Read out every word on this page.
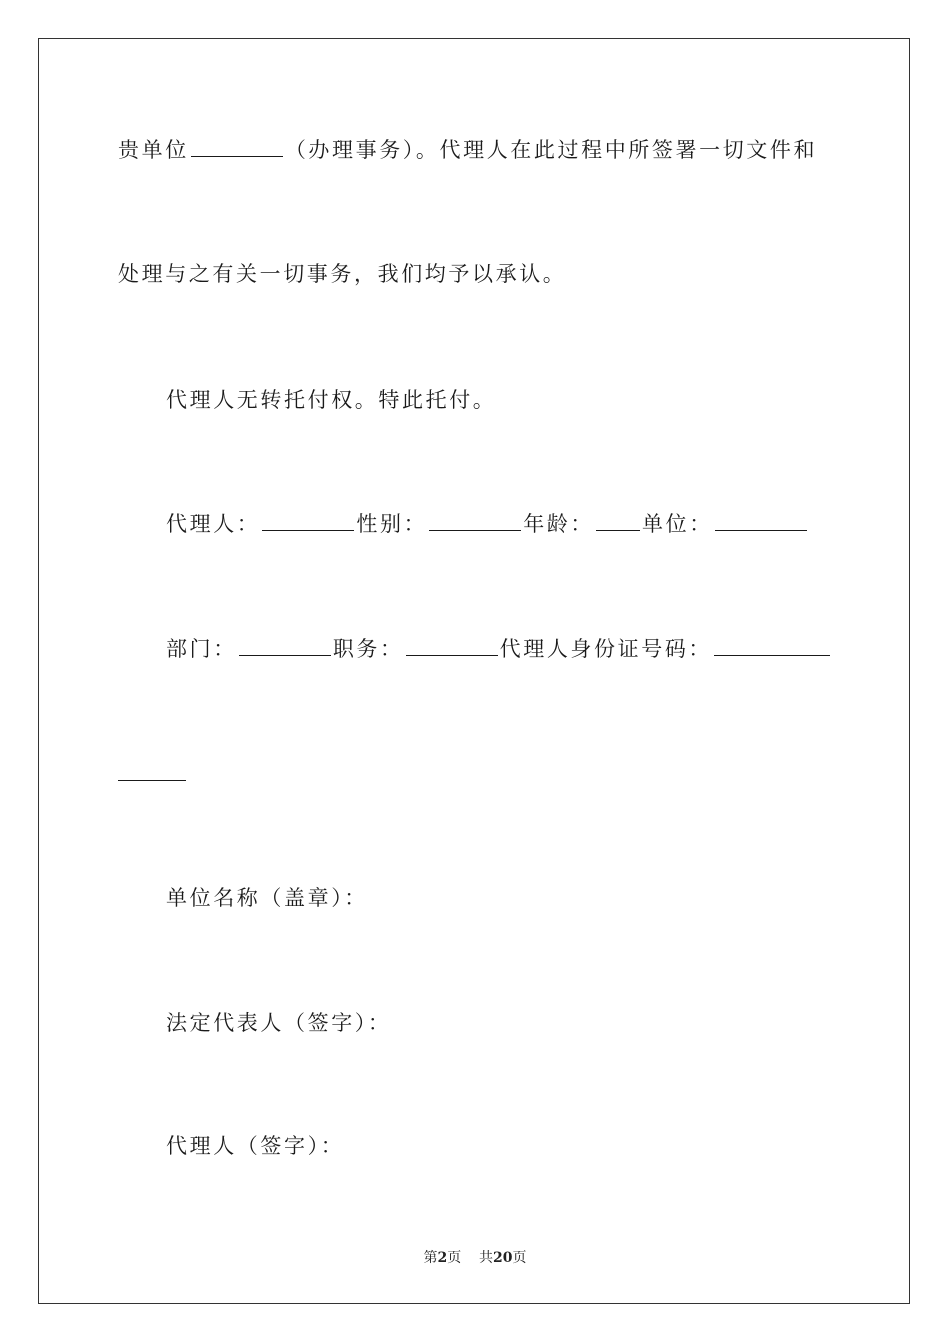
贵单位	（办理事务）。代理人在此过程中所签署一切文件和
处理与之有关一切事务，我们均予以承认。
代理人无转托付权。特此托付。
代理人：	性别：	年龄： 单位：
部门：	职务：	代理人身份证号码：
单位名称（盖章）：
法定代表人（签字）：
代理人（签字）：
第2页 共20页
